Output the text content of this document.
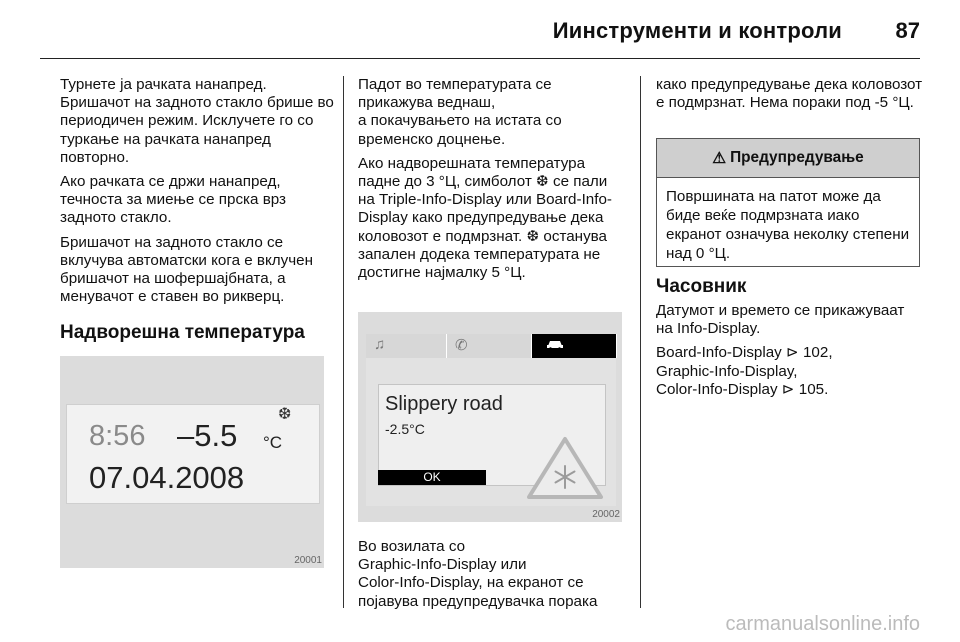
Иинструменти и контроли 87

Турнете ја рачката нанапред. Бришачот на задното стакло брише во периодичен режим. Исклучете го со туркање на рачката нанапред повторно.

Ако рачката се држи нанапред, течноста за миење се прска врз задното стакло.

Бришачот на задното стакло се вклучува автоматски кога е вклучен бришачот на шофершајбната, а менувачот е ставен во рикверц.

Надворешна температура
8:56 –5.5 °C
❆
07.04.2008
20001

Падот во температурата се прикажува веднаш,
а покачувањето на истата со временско доцнење.

Ако надворешната температура падне до 3 °Ц, симболот ❆ се пали на Triple-Info-Display или Board-Info-Display како предупредување дека коловозот е подмрзнат. ❆ останува запален додека температурата не достигне најмалку 5 °Ц.

♫	✆
Slippery road
-2.5°C
OK
20002
Во возилата со
Graphic-Info-Display или
Color-Info-Display, на екранот се
појавува предупредувачка порака

како предупредување дека коловозот е подмрзнат. Нема пораки под -5 °Ц.

⚠ Предупредување
Површината на патот може да биде веќе подмрзната иако екранот означува неколку степени над 0 °Ц.
Часовник

Датумот и времето се прикажуваат на Info-Display.

Board-Info-Display ⊳ 102,
Graphic-Info-Display,
Color-Info-Display ⊳ 105.

carmanualsonline.info
